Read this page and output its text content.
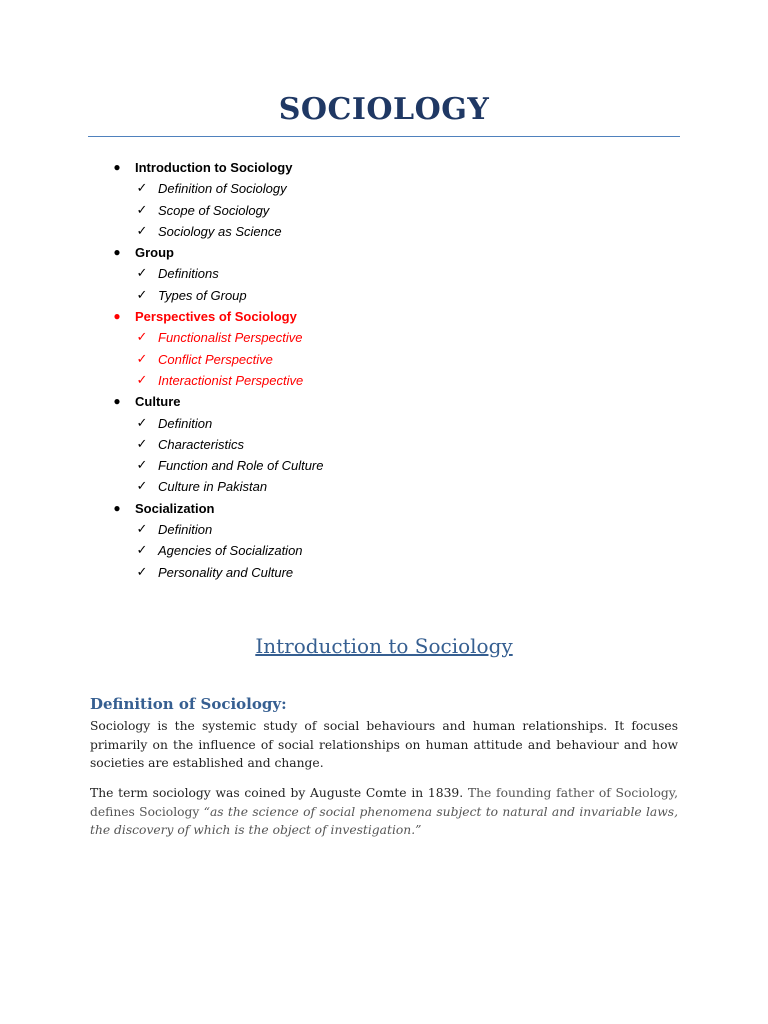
SOCIOLOGY
● Introduction to Sociology
✓ Definition of Sociology
✓ Scope of Sociology
✓ Sociology as Science
● Group
✓ Definitions
✓ Types of Group
● Perspectives of Sociology
✓ Functionalist Perspective
✓ Conflict Perspective
✓ Interactionist Perspective
● Culture
✓ Definition
✓ Characteristics
✓ Function and Role of Culture
✓ Culture in Pakistan
● Socialization
✓ Definition
✓ Agencies of Socialization
✓ Personality and Culture
Introduction to Sociology
Definition of Sociology:
Sociology is the systemic study of social behaviours and human relationships. It focuses primarily on the influence of social relationships on human attitude and behaviour and how societies are established and change.
The term sociology was coined by Auguste Comte in 1839. The founding father of Sociology, defines Sociology “as the science of social phenomena subject to natural and invariable laws, the discovery of which is the object of investigation.”
